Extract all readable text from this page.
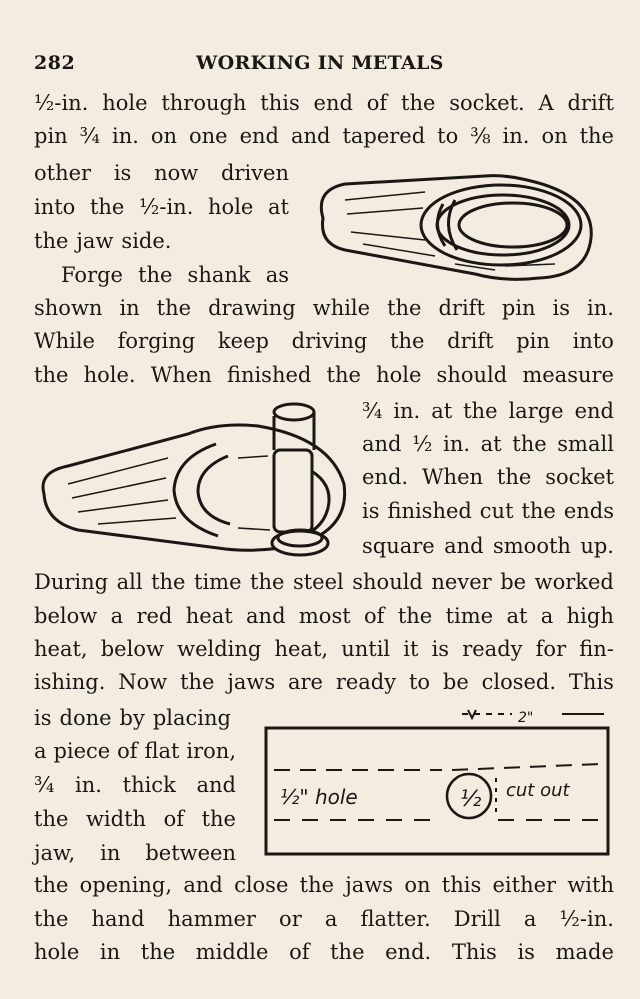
282	WORKING IN METALS
½-in. hole through this end of the socket. A drift
pin ¾ in. on one end and tapered to ⅜ in. on the
other is now driven
into the ½-in. hole at
the jaw side.
Forge the shank as
shown in the drawing while the drift pin is in.
While forging keep driving the drift pin into
the hole. When finished the hole should measure
¾ in. at the large end
and ½ in. at the small
end. When the socket
is finished cut the ends
square and smooth up.
During all the time the steel should never be worked
below a red heat and most of the time at a high
heat, below welding heat, until it is ready for fin-
ishing. Now the jaws are ready to be closed. This
is done by placing
a piece of flat iron,
¾ in. thick and
the width of the
jaw, in between
the opening, and close the jaws on this either with
the hand hammer or a flatter. Drill a ½-in.
hole in the middle of the end. This is made
2"
½" hole	½ cut out
